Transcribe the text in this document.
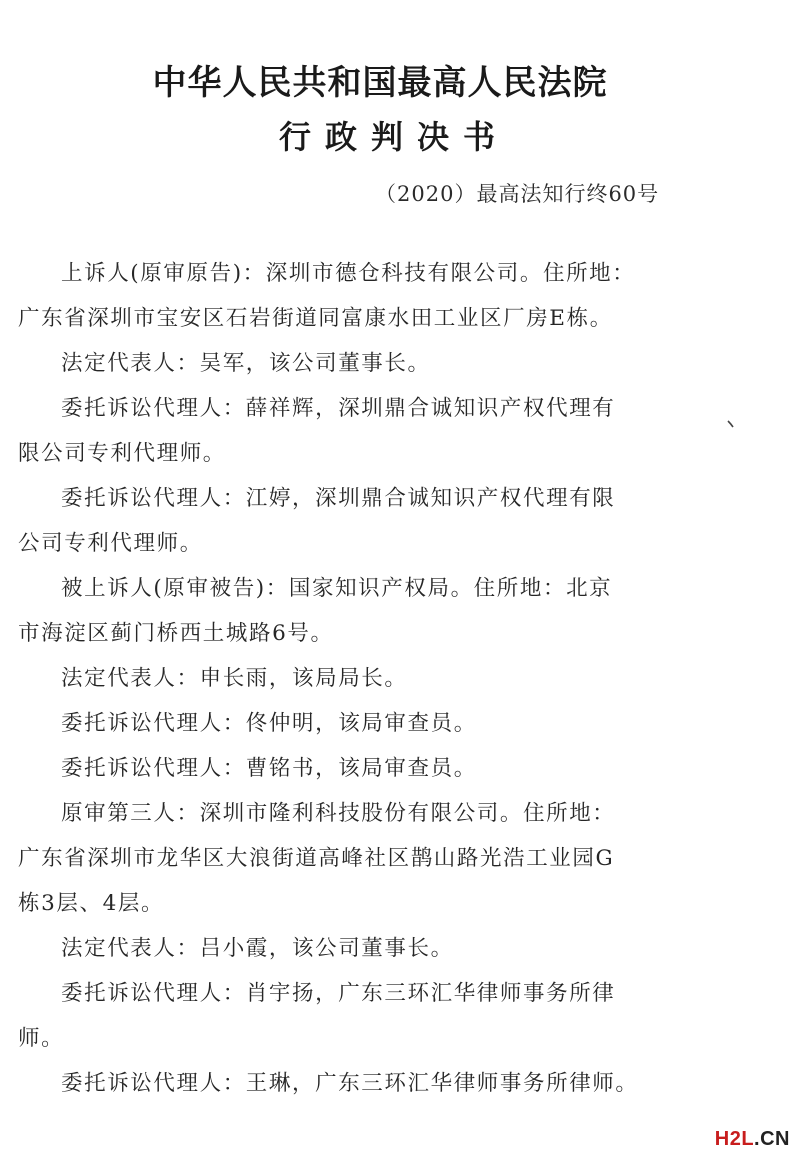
中华人民共和国最高人民法院
行政判决书
（2020）最高法知行终60号

上诉人(原审原告)：深圳市德仓科技有限公司。住所地：
广东省深圳市宝安区石岩街道同富康水田工业区厂房E栋。

法定代表人：吴军，该公司董事长。

委托诉讼代理人：薛祥辉，深圳鼎合诚知识产权代理有
限公司专利代理师。

委托诉讼代理人：江婷，深圳鼎合诚知识产权代理有限
公司专利代理师。

被上诉人(原审被告)：国家知识产权局。住所地：北京
市海淀区蓟门桥西土城路6号。

法定代表人：申长雨，该局局长。

委托诉讼代理人：佟仲明，该局审查员。

委托诉讼代理人：曹铭书，该局审查员。

原审第三人：深圳市隆利科技股份有限公司。住所地：
广东省深圳市龙华区大浪街道高峰社区鹊山路光浩工业园G
栋3层、4层。

法定代表人：吕小霞，该公司董事长。

委托诉讼代理人：肖宇扬，广东三环汇华律师事务所律
师。

委托诉讼代理人：王琳，广东三环汇华律师事务所律师。

H2L.CN
